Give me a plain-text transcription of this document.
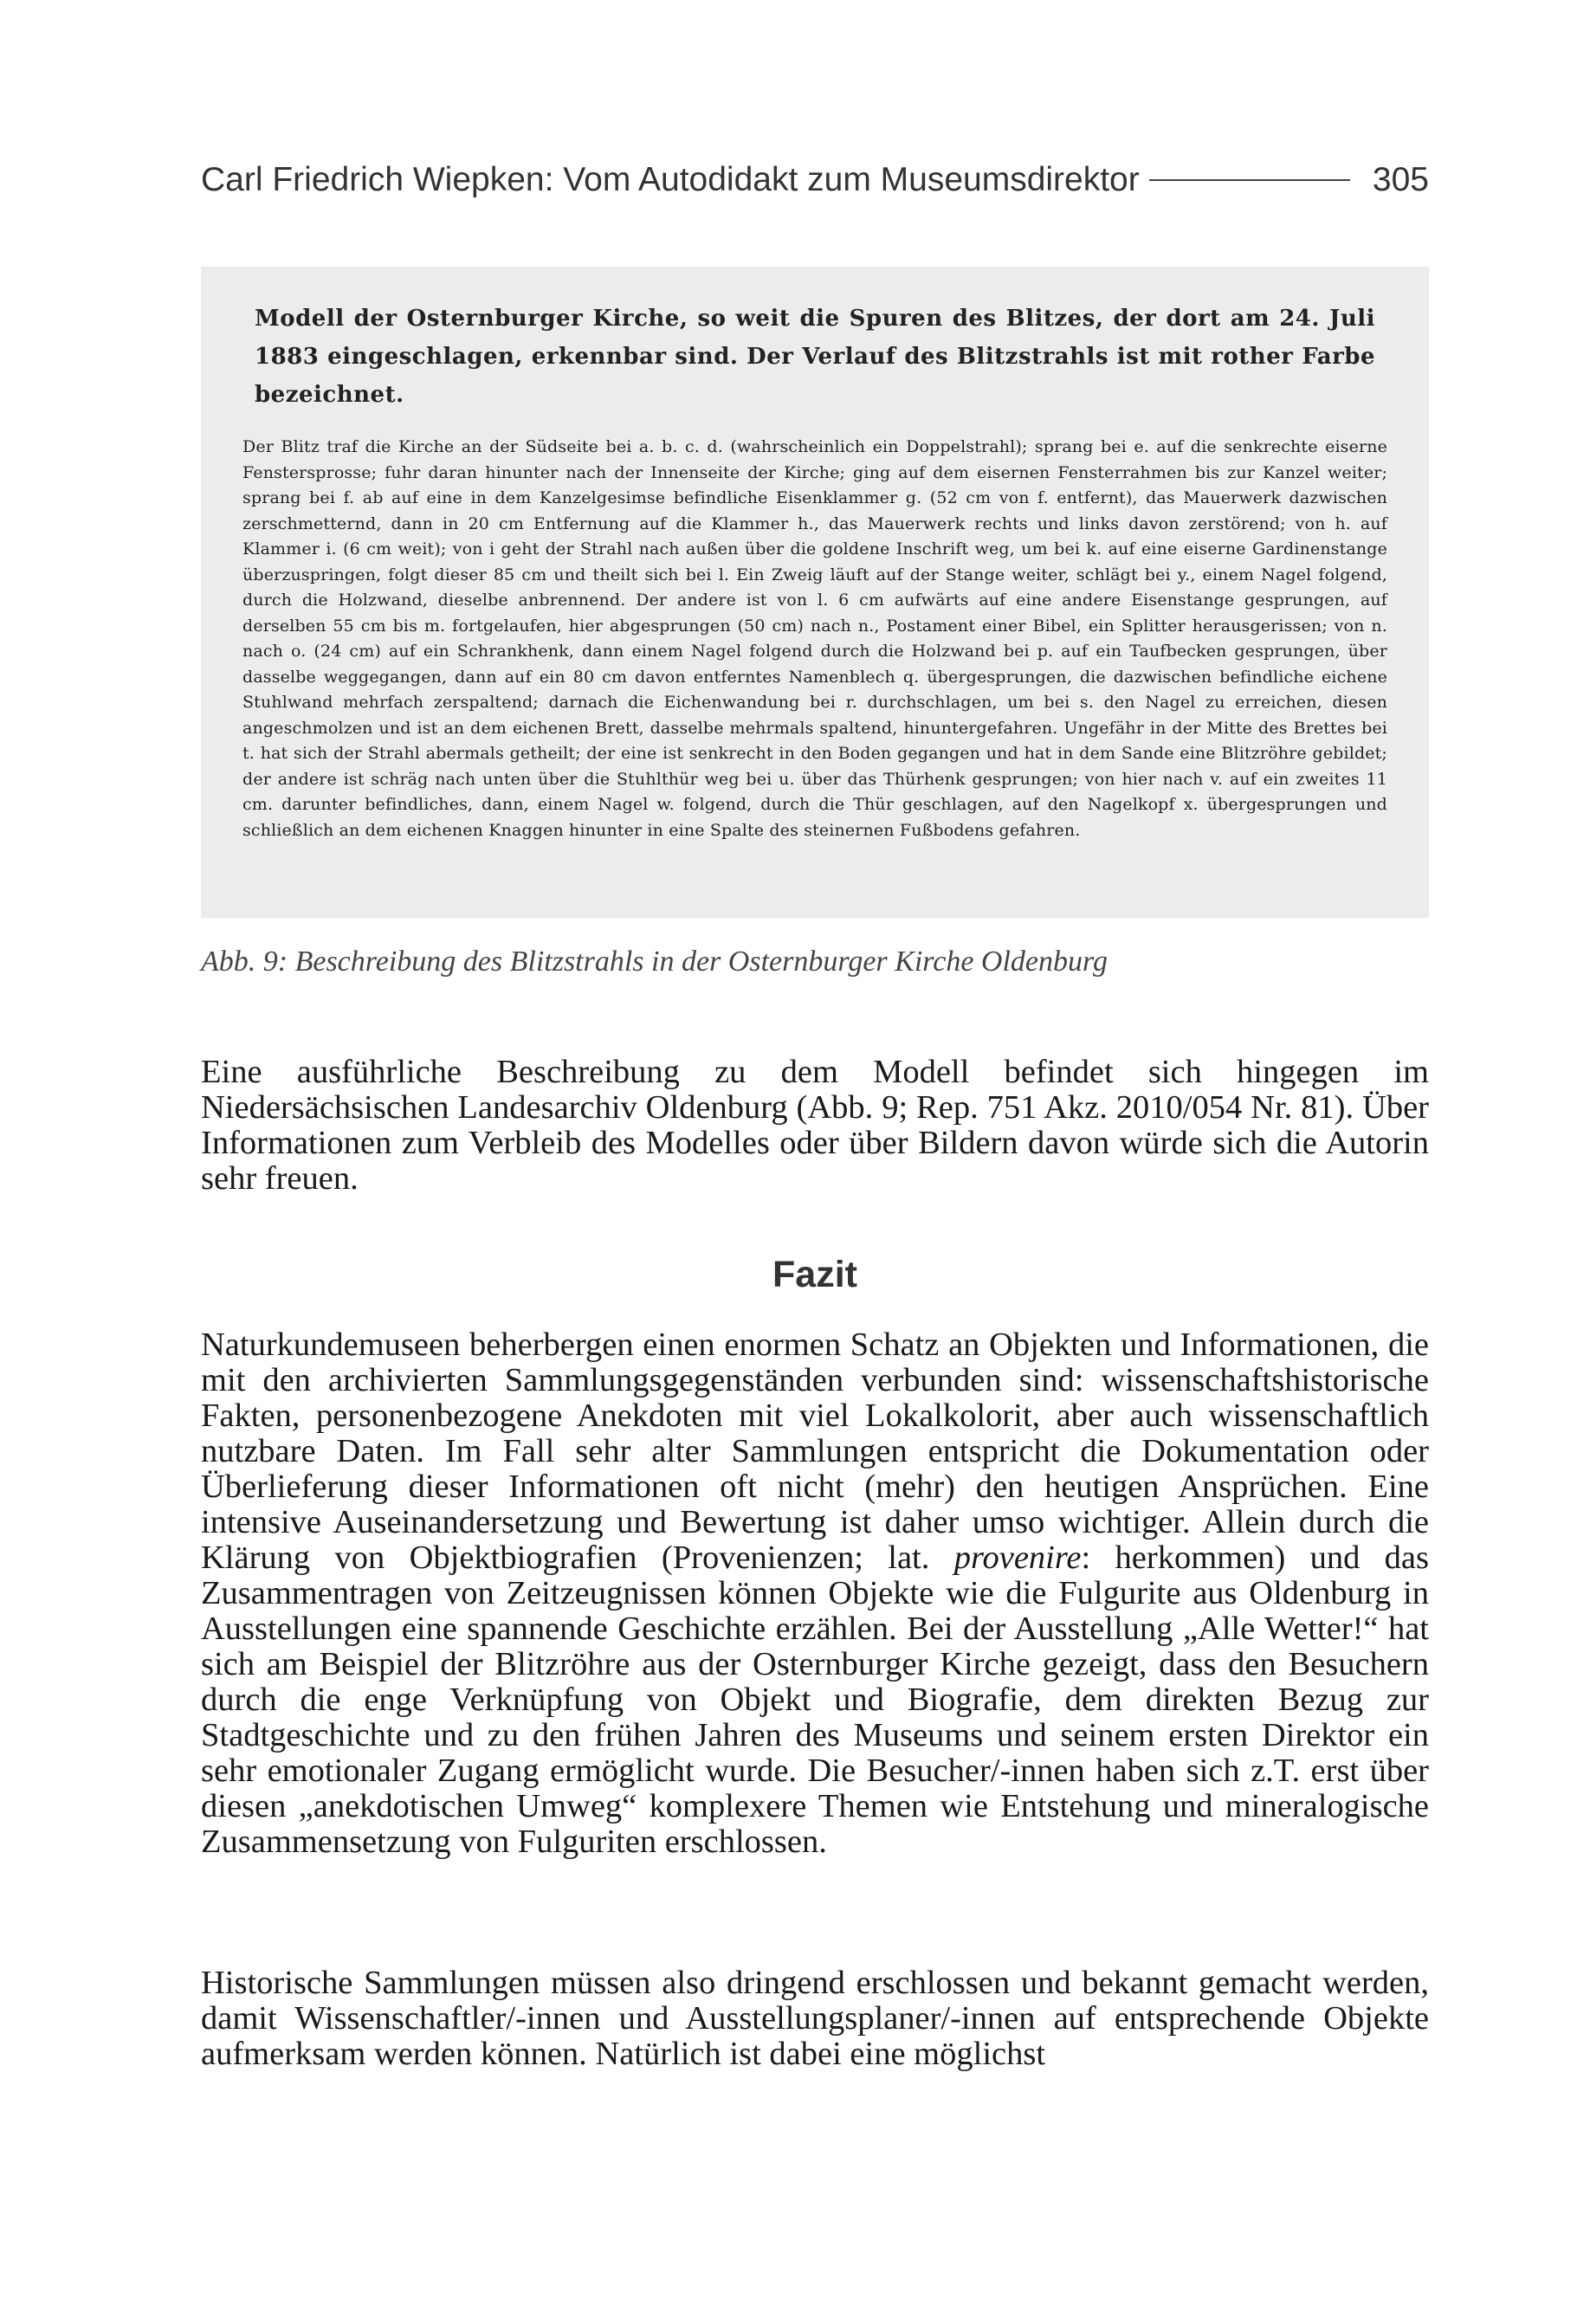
Carl Friedrich Wiepken: Vom Autodidakt zum Museumsdirektor	305
Modell der Osternburger Kirche, so weit die Spuren des Blitzes, der dort am 24. Juli 1883 eingeschlagen, erkennbar sind. Der Verlauf des Blitzstrahls ist mit rother Farbe bezeichnet.
Der Blitz traf die Kirche an der Südseite bei a. b. c. d. (wahrscheinlich ein Doppelstrahl); sprang bei e. auf die senkrechte eiserne Fenstersprosse; fuhr daran hinunter nach der Innenseite der Kirche; ging auf dem eisernen Fensterrahmen bis zur Kanzel weiter; sprang bei f. ab auf eine in dem Kanzelgesimse befindliche Eisenklammer g. (52 cm von f. entfernt), das Mauerwerk dazwischen zerschmetternd, dann in 20 cm Entfernung auf die Klammer h., das Mauerwerk rechts und links davon zerstörend; von h. auf Klammer i. (6 cm weit); von i geht der Strahl nach außen über die goldene Inschrift weg, um bei k. auf eine eiserne Gardinenstange überzuspringen, folgt dieser 85 cm und theilt sich bei l. Ein Zweig läuft auf der Stange weiter, schlägt bei y., einem Nagel folgend, durch die Holzwand, dieselbe anbrennend. Der andere ist von l. 6 cm aufwärts auf eine andere Eisenstange gesprungen, auf derselben 55 cm bis m. fortgelaufen, hier abgesprungen (50 cm) nach n., Postament einer Bibel, ein Splitter herausgerissen; von n. nach o. (24 cm) auf ein Schrankhenk, dann einem Nagel folgend durch die Holzwand bei p. auf ein Taufbecken gesprungen, über dasselbe weggegangen, dann auf ein 80 cm davon entferntes Namenblech q. übergesprungen, die dazwischen befindliche eichene Stuhlwand mehrfach zerspaltend; darnach die Eichenwandung bei r. durchschlagen, um bei s. den Nagel zu erreichen, diesen angeschmolzen und ist an dem eichenen Brett, dasselbe mehrmals spaltend, hinuntergefahren. Ungefähr in der Mitte des Brettes bei t. hat sich der Strahl abermals getheilt; der eine ist senkrecht in den Boden gegangen und hat in dem Sande eine Blitzröhre gebildet; der andere ist schräg nach unten über die Stuhlthür weg bei u. über das Thürhenk gesprungen; von hier nach v. auf ein zweites 11 cm. darunter befindliches, dann, einem Nagel w. folgend, durch die Thür geschlagen, auf den Nagelkopf x. übergesprungen und schließlich an dem eichenen Knaggen hinunter in eine Spalte des steinernen Fußbodens gefahren.
Abb. 9: Beschreibung des Blitzstrahls in der Osternburger Kirche Oldenburg

Eine ausführliche Beschreibung zu dem Modell befindet sich hingegen im Niedersächsischen Landesarchiv Oldenburg (Abb. 9; Rep. 751 Akz. 2010/054 Nr. 81). Über Informationen zum Verbleib des Modelles oder über Bildern davon würde sich die Autorin sehr freuen.

Fazit

Naturkundemuseen beherbergen einen enormen Schatz an Objekten und Informationen, die mit den archivierten Sammlungsgegenständen verbunden sind: wissenschaftshistorische Fakten, personenbezogene Anekdoten mit viel Lokalkolorit, aber auch wissenschaftlich nutzbare Daten. Im Fall sehr alter Sammlungen entspricht die Dokumentation oder Überlieferung dieser Informationen oft nicht (mehr) den heutigen Ansprüchen. Eine intensive Auseinandersetzung und Bewertung ist daher umso wichtiger. Allein durch die Klärung von Objektbiografien (Provenienzen; lat. provenire: herkommen) und das Zusammentragen von Zeitzeugnissen können Objekte wie die Fulgurite aus Oldenburg in Ausstellungen eine spannende Geschichte erzählen. Bei der Ausstellung „Alle Wetter!“ hat sich am Beispiel der Blitzröhre aus der Osternburger Kirche gezeigt, dass den Besuchern durch die enge Verknüpfung von Objekt und Biografie, dem direkten Bezug zur Stadtgeschichte und zu den frühen Jahren des Museums und seinem ersten Direktor ein sehr emotionaler Zugang ermöglicht wurde. Die Besucher/-innen haben sich z.T. erst über diesen „anekdotischen Umweg“ komplexere Themen wie Entstehung und mineralogische Zusammensetzung von Fulguriten erschlossen.

Historische Sammlungen müssen also dringend erschlossen und bekannt gemacht werden, damit Wissenschaftler/-innen und Ausstellungsplaner/-innen auf entsprechende Objekte aufmerksam werden können. Natürlich ist dabei eine möglichst
